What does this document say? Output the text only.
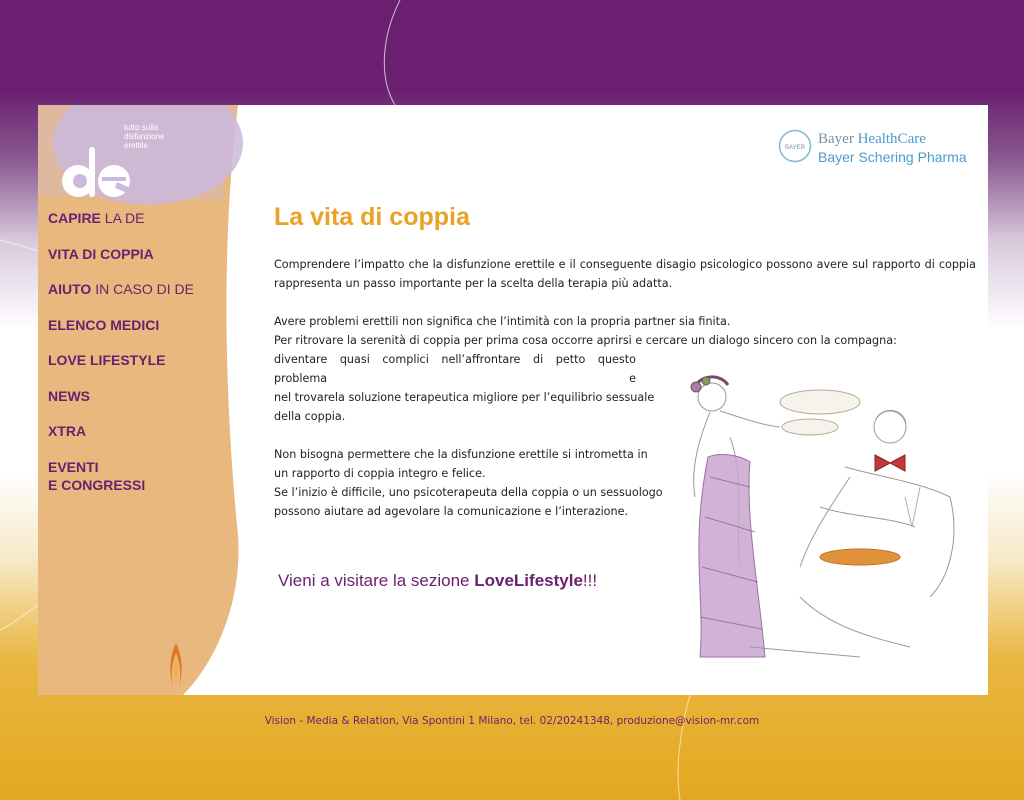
tutto sulla
disfunzione
erettile
CAPIRE LA DE
VITA DI COPPIA
AIUTO IN CASO DI DE
ELENCO MEDICI
LOVE LIFESTYLE
NEWS
XTRA
EVENTI
E CONGRESSI
BAYER
Bayer HealthCare
Bayer Schering Pharma
La vita di coppia

Comprendere l’impatto che la disfunzione erettile e il conseguente disagio psicologico possono avere sul rapporto di coppia rappresenta un passo importante per la scelta della terapia più adatta.

Avere problemi erettili non significa che l’intimità con la propria partner sia finita.
Per ritrovare la serenità di coppia per prima cosa occorre aprirsi e cercare un dialogo sincero con la compagna:
diventare quasi complici nell’affrontare di petto questo problema e
nel trovarela soluzione terapeutica migliore per l’equilibrio sessuale
della coppia.

Non bisogna permettere che la disfunzione erettile si intrometta in
un rapporto di coppia integro e felice.
Se l’inizio è difficile, uno psicoterapeuta della coppia o un sessuologo
possono aiutare ad agevolare la comunicazione e l’interazione.

Vieni a visitare la sezione LoveLifestyle!!!
Vision - Media & Relation, Via Spontini 1 Milano, tel. 02/20241348, produzione@vision-mr.com
